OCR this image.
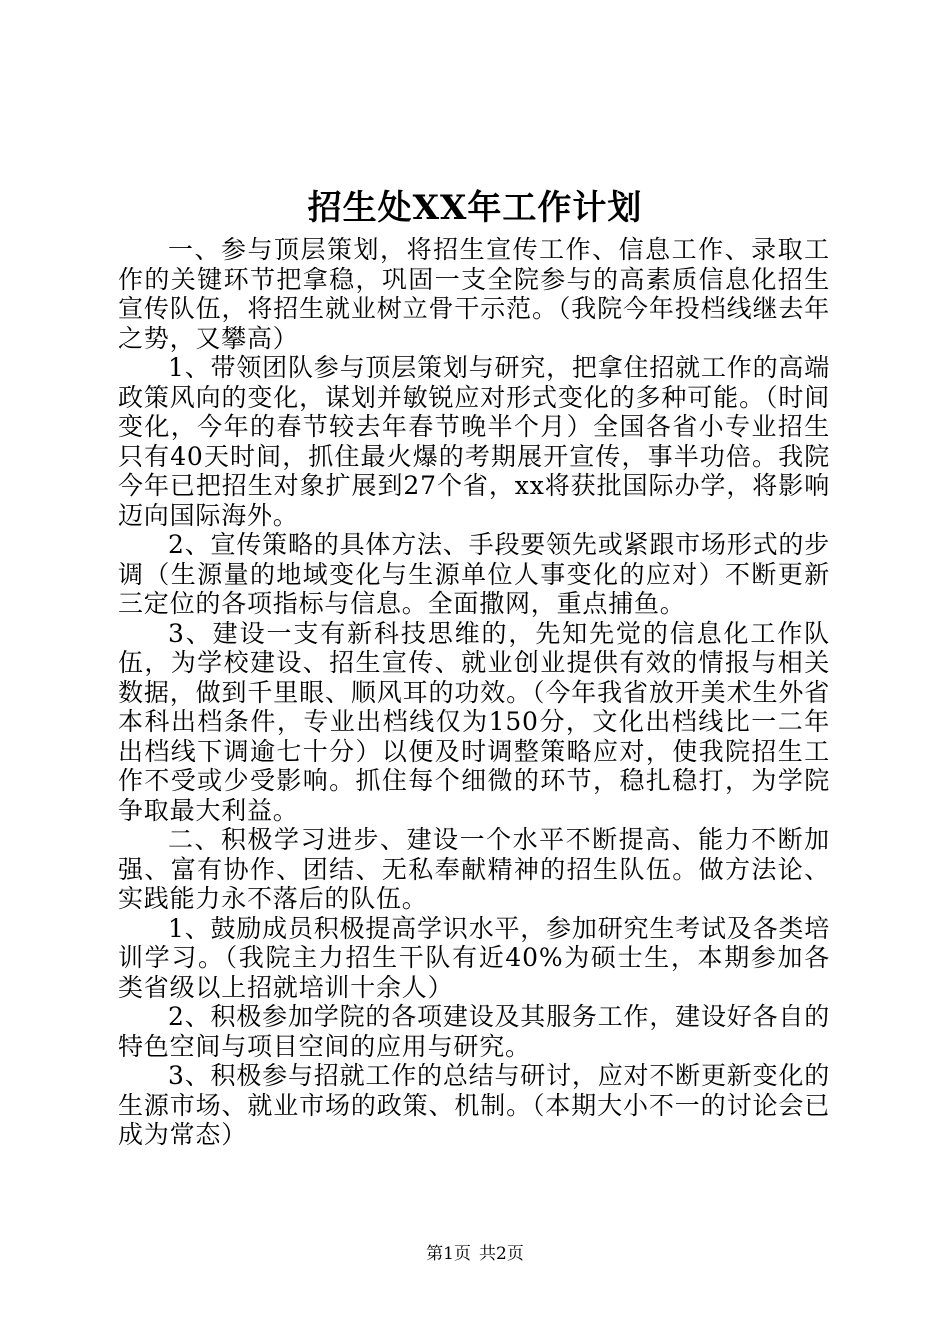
招生处XX年工作计划

一、参与顶层策划，将招生宣传工作、信息工作、录取工作的关键环节把拿稳，巩固一支全院参与的高素质信息化招生宣传队伍，将招生就业树立骨干示范。（我院今年投档线继去年之势，又攀高）

1、带领团队参与顶层策划与研究，把拿住招就工作的高端政策风向的变化，谋划并敏锐应对形式变化的多种可能。（时间变化，今年的春节较去年春节晚半个月）全国各省小专业招生只有40天时间，抓住最火爆的考期展开宣传，事半功倍。我院今年已把招生对象扩展到27个省，xx将获批国际办学，将影响迈向国际海外。

2、宣传策略的具体方法、手段要领先或紧跟市场形式的步调（生源量的地域变化与生源单位人事变化的应对）不断更新三定位的各项指标与信息。全面撒网，重点捕鱼。

3、建设一支有新科技思维的，先知先觉的信息化工作队伍，为学校建设、招生宣传、就业创业提供有效的情报与相关数据，做到千里眼、顺风耳的功效。（今年我省放开美术生外省本科出档条件，专业出档线仅为150分，文化出档线比一二年出档线下调逾七十分）以便及时调整策略应对，使我院招生工作不受或少受影响。抓住每个细微的环节，稳扎稳打，为学院争取最大利益。

二、积极学习进步、建设一个水平不断提高、能力不断加强、富有协作、团结、无私奉献精神的招生队伍。做方法论、实践能力永不落后的队伍。

1、鼓励成员积极提高学识水平，参加研究生考试及各类培训学习。（我院主力招生干队有近40%为硕士生，本期参加各类省级以上招就培训十余人）

2、积极参加学院的各项建设及其服务工作，建设好各自的特色空间与项目空间的应用与研究。

3、积极参与招就工作的总结与研讨，应对不断更新变化的生源市场、就业市场的政策、机制。（本期大小不一的讨论会已成为常态）

第1页 共2页
